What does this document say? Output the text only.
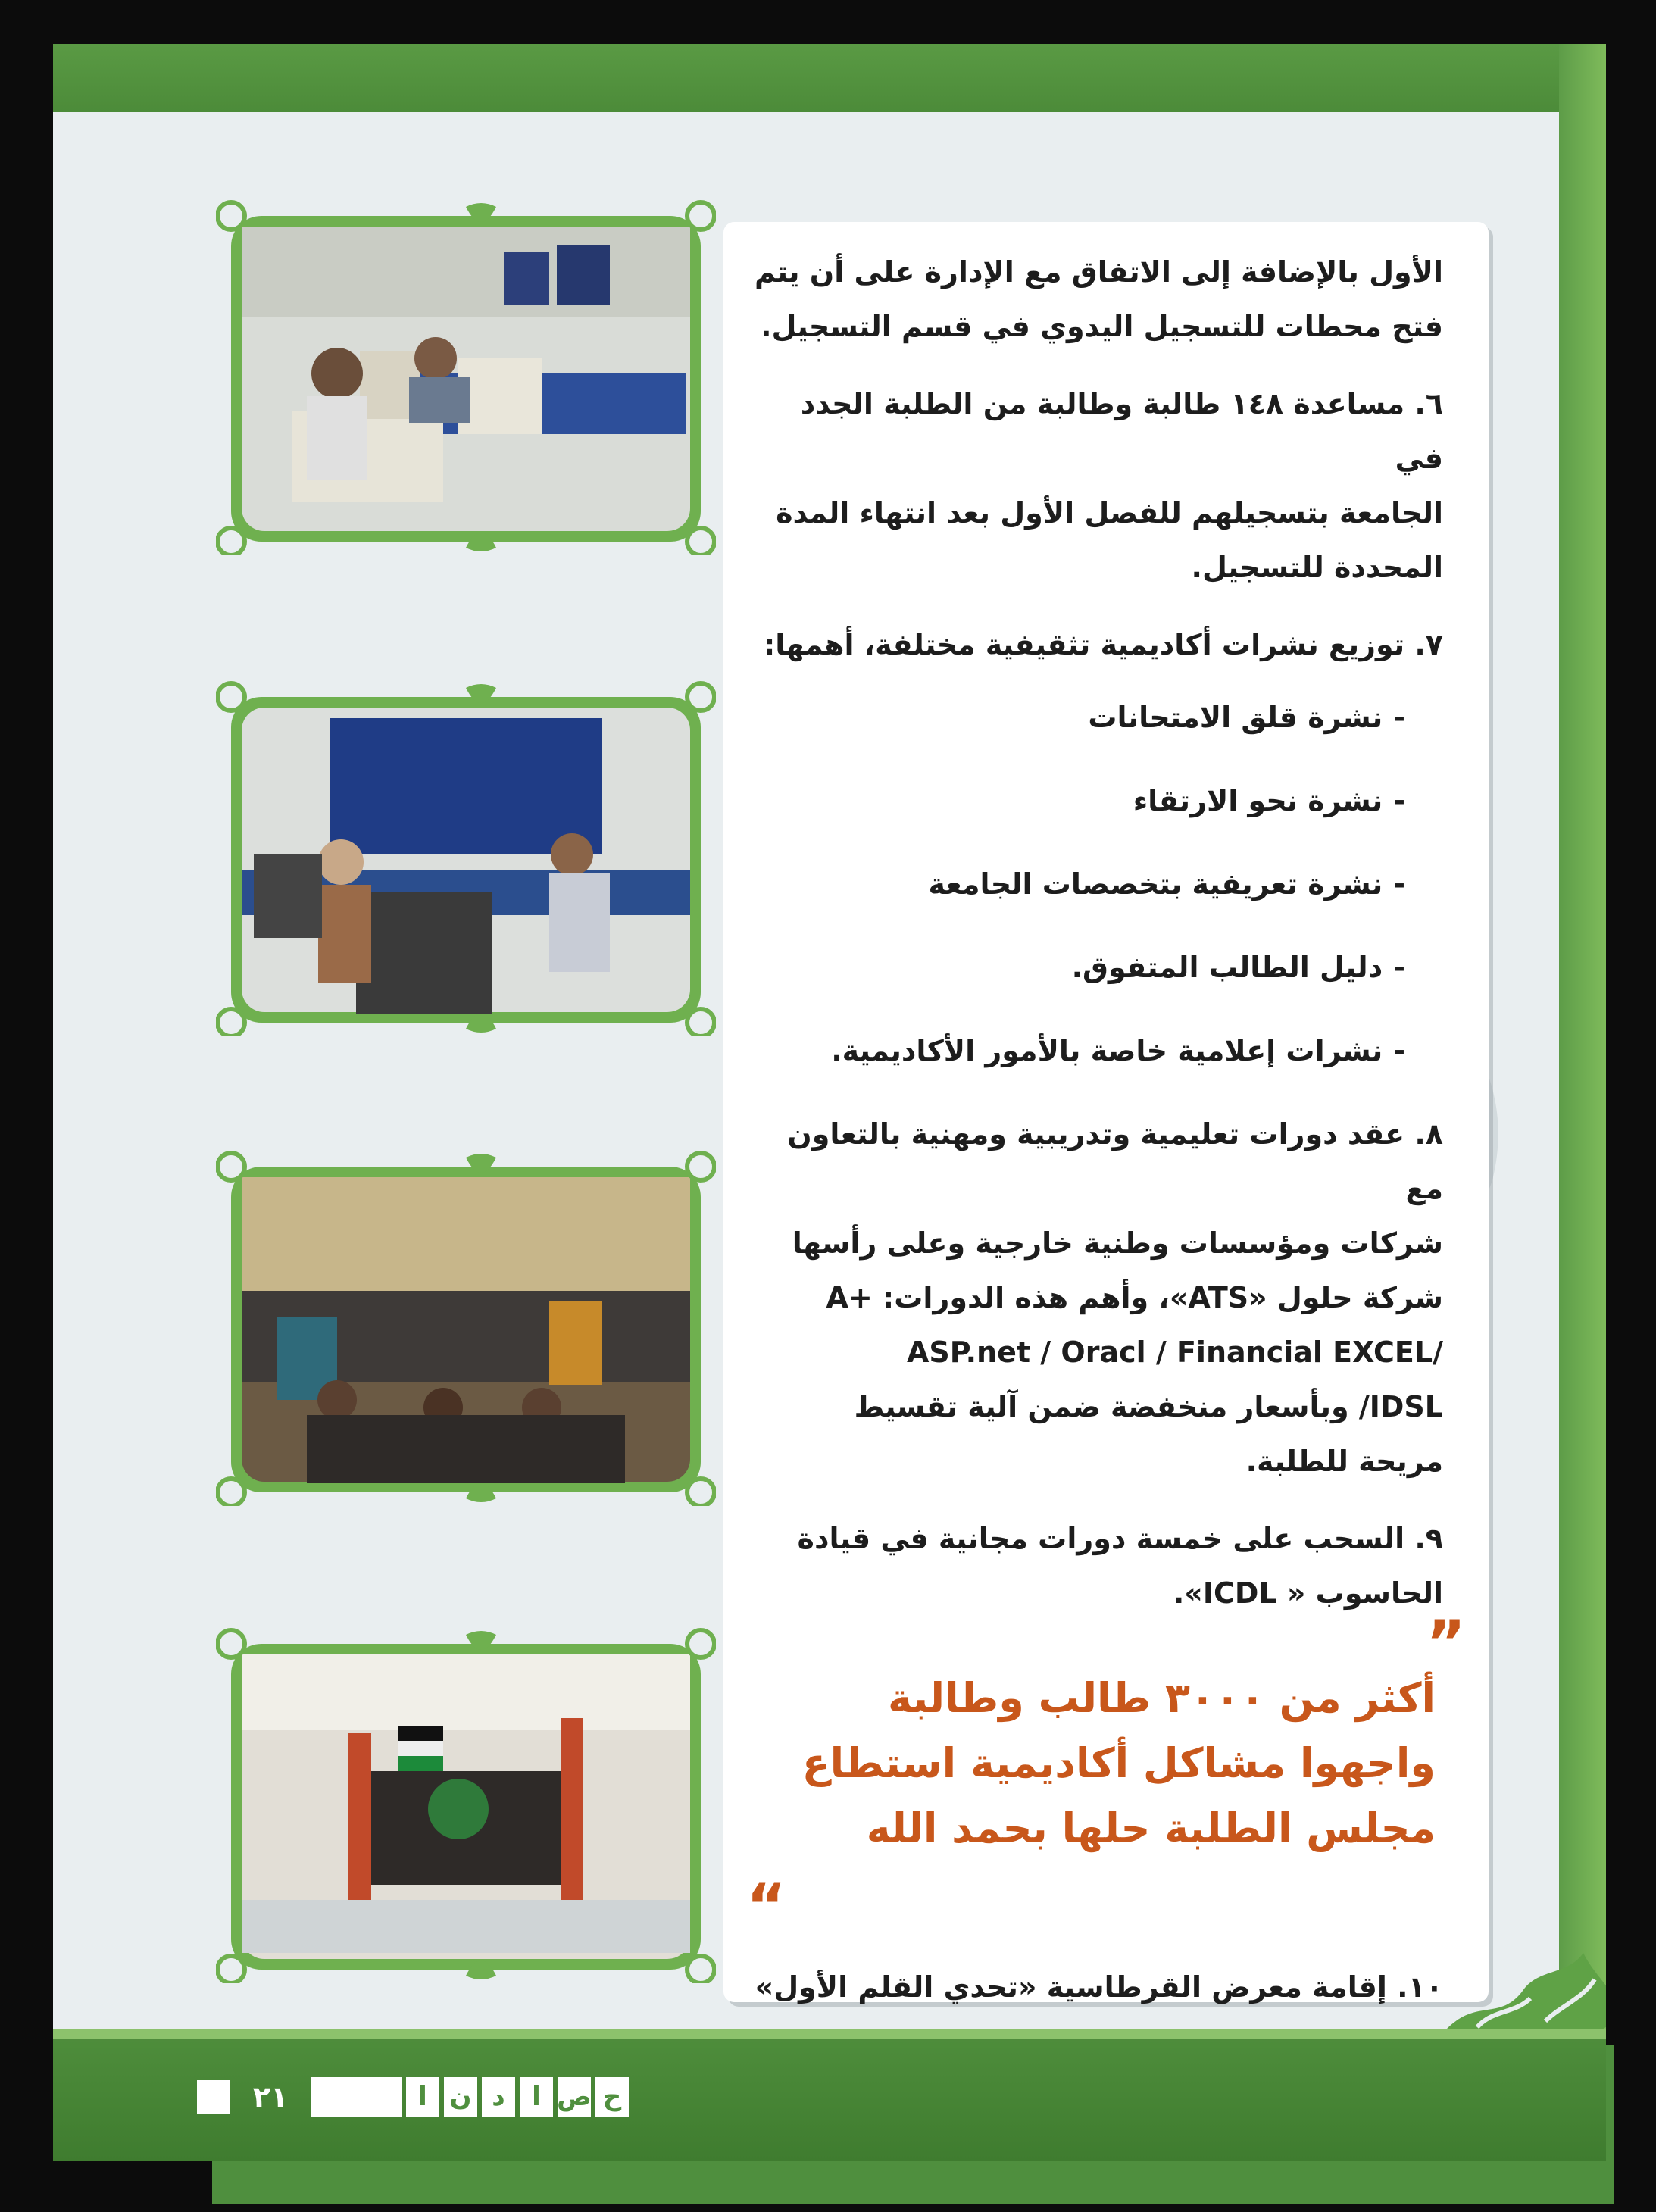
الأول بالإضافة إلى الاتفاق مع الإدارة على أن يتم
فتح محطات للتسجيل اليدوي في قسم التسجيل.
٦. مساعدة ١٤٨ طالبة وطالبة من الطلبة الجدد في
الجامعة بتسجيلهم للفصل الأول بعد انتهاء المدة
المحددة للتسجيل.
٧. توزيع نشرات أكاديمية تثقيفية مختلفة، أهمها:
-نشرة قلق الامتحانات
-نشرة نحو الارتقاء
-نشرة تعريفية بتخصصات الجامعة
-دليل الطالب المتفوق.
-نشرات إعلامية خاصة بالأمور الأكاديمية.
٨. عقد دورات تعليمية وتدريبية ومهنية بالتعاون مع
شركات ومؤسسات وطنية خارجية وعلى رأسها
شركة حلول «ATS»، وأهم هذه الدورات: +A
/ASP.net / Oracl / Financial EXCEL
IDSL/ وبأسعار منخفضة ضمن آلية تقسيط
مريحة للطلبة.
٩. السحب على خمسة دورات مجانية في قيادة
الحاسوب « ICDL».
”
أكثر من ٣٠٠٠ طالب وطالبة
واجهوا مشاكل أكاديمية استطاع
مجلس الطلبة حلها بحمد الله
“
١٠. إقامة معرض القرطاسية «تحدي القلم الأول»
٢١	ا ن د	ا ص ح
